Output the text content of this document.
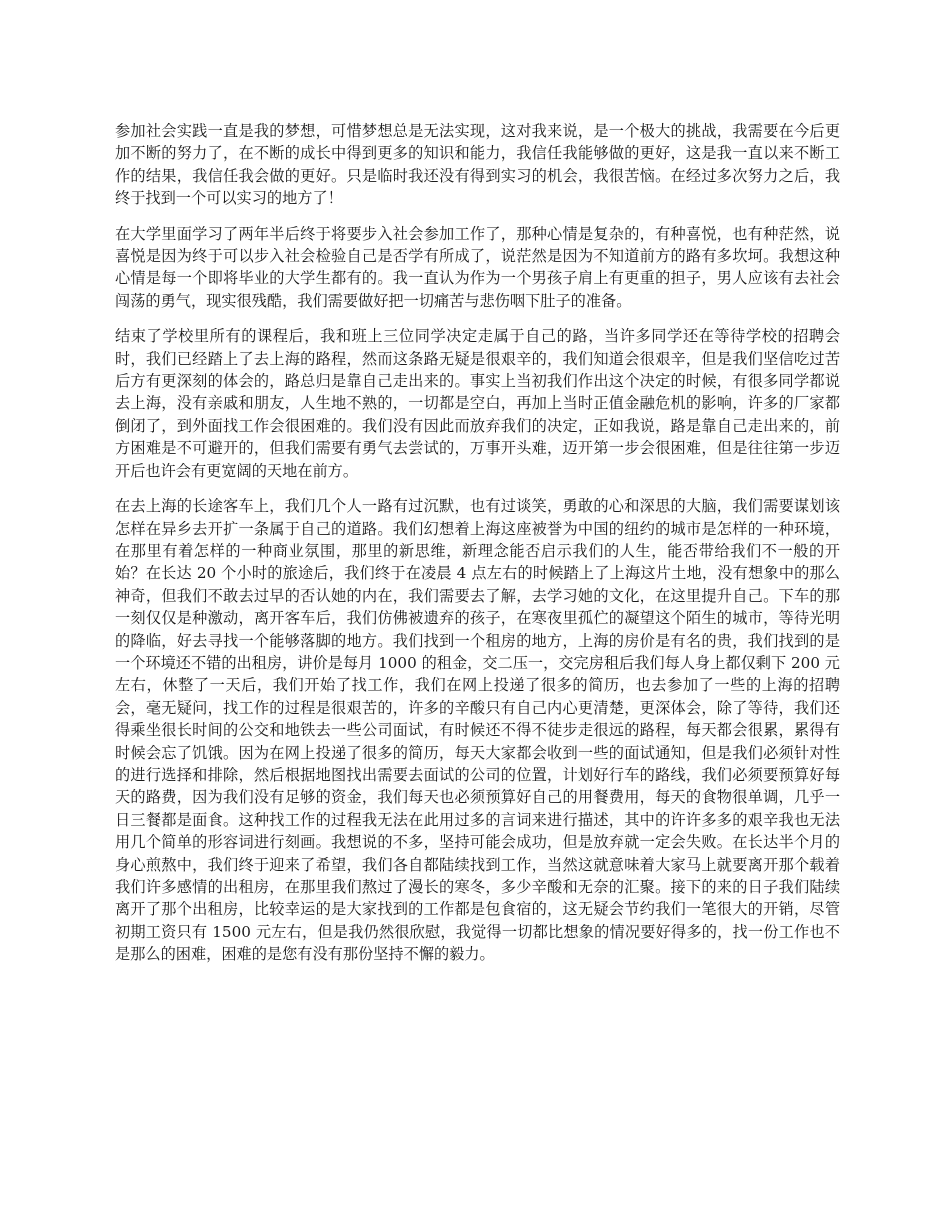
参加社会实践一直是我的梦想，可惜梦想总是无法实现，这对我来说，是一个极大的挑战，我需要在今后更加不断的努力了，在不断的成长中得到更多的知识和能力，我信任我能够做的更好，这是我一直以来不断工作的结果，我信任我会做的更好。只是临时我还没有得到实习的机会，我很苦恼。在经过多次努力之后，我终于找到一个可以实习的地方了！

在大学里面学习了两年半后终于将要步入社会参加工作了，那种心情是复杂的，有种喜悦，也有种茫然，说喜悦是因为终于可以步入社会检验自己是否学有所成了，说茫然是因为不知道前方的路有多坎坷。我想这种心情是每一个即将毕业的大学生都有的。我一直认为作为一个男孩子肩上有更重的担子，男人应该有去社会闯荡的勇气，现实很残酷，我们需要做好把一切痛苦与悲伤咽下肚子的准备。

结束了学校里所有的课程后，我和班上三位同学决定走属于自己的路，当许多同学还在等待学校的招聘会时，我们已经踏上了去上海的路程，然而这条路无疑是很艰辛的，我们知道会很艰辛，但是我们坚信吃过苦后方有更深刻的体会的，路总归是靠自己走出来的。事实上当初我们作出这个决定的时候，有很多同学都说去上海，没有亲戚和朋友，人生地不熟的，一切都是空白，再加上当时正值金融危机的影响，许多的厂家都倒闭了，到外面找工作会很困难的。我们没有因此而放弃我们的决定，正如我说，路是靠自己走出来的，前方困难是不可避开的，但我们需要有勇气去尝试的，万事开头难，迈开第一步会很困难，但是往往第一步迈开后也许会有更宽阔的天地在前方。

在去上海的长途客车上，我们几个人一路有过沉默，也有过谈笑，勇敢的心和深思的大脑，我们需要谋划该怎样在异乡去开扩一条属于自己的道路。我们幻想着上海这座被誉为中国的纽约的城市是怎样的一种环境，在那里有着怎样的一种商业氛围，那里的新思维，新理念能否启示我们的人生，能否带给我们不一般的开始？在长达 20 个小时的旅途后，我们终于在凌晨 4 点左右的时候踏上了上海这片土地，没有想象中的那么神奇，但我们不敢去过早的否认她的内在，我们需要去了解，去学习她的文化，在这里提升自己。下车的那一刻仅仅是种激动，离开客车后，我们仿佛被遗弃的孩子，在寒夜里孤伫的凝望这个陌生的城市，等待光明的降临，好去寻找一个能够落脚的地方。我们找到一个租房的地方，上海的房价是有名的贵，我们找到的是一个环境还不错的出租房，讲价是每月 1000 的租金，交二压一，交完房租后我们每人身上都仅剩下 200 元左右，休整了一天后，我们开始了找工作，我们在网上投递了很多的简历，也去参加了一些的上海的招聘会，毫无疑问，找工作的过程是很艰苦的，许多的辛酸只有自己内心更清楚，更深体会，除了等待，我们还得乘坐很长时间的公交和地铁去一些公司面试，有时候还不得不徒步走很远的路程，每天都会很累，累得有时候会忘了饥饿。因为在网上投递了很多的简历，每天大家都会收到一些的面试通知，但是我们必须针对性的进行选择和排除，然后根据地图找出需要去面试的公司的位置，计划好行车的路线，我们必须要预算好每天的路费，因为我们没有足够的资金，我们每天也必须预算好自己的用餐费用，每天的食物很单调，几乎一日三餐都是面食。这种找工作的过程我无法在此用过多的言词来进行描述，其中的许许多多的艰辛我也无法用几个简单的形容词进行刻画。我想说的不多，坚持可能会成功，但是放弃就一定会失败。在长达半个月的身心煎熬中，我们终于迎来了希望，我们各自都陆续找到工作，当然这就意味着大家马上就要离开那个载着我们许多感情的出租房，在那里我们熬过了漫长的寒冬，多少辛酸和无奈的汇聚。接下的来的日子我们陆续离开了那个出租房，比较幸运的是大家找到的工作都是包食宿的，这无疑会节约我们一笔很大的开销，尽管初期工资只有 1500 元左右，但是我仍然很欣慰，我觉得一切都比想象的情况要好得多的，找一份工作也不是那么的困难，困难的是您有没有那份坚持不懈的毅力。
